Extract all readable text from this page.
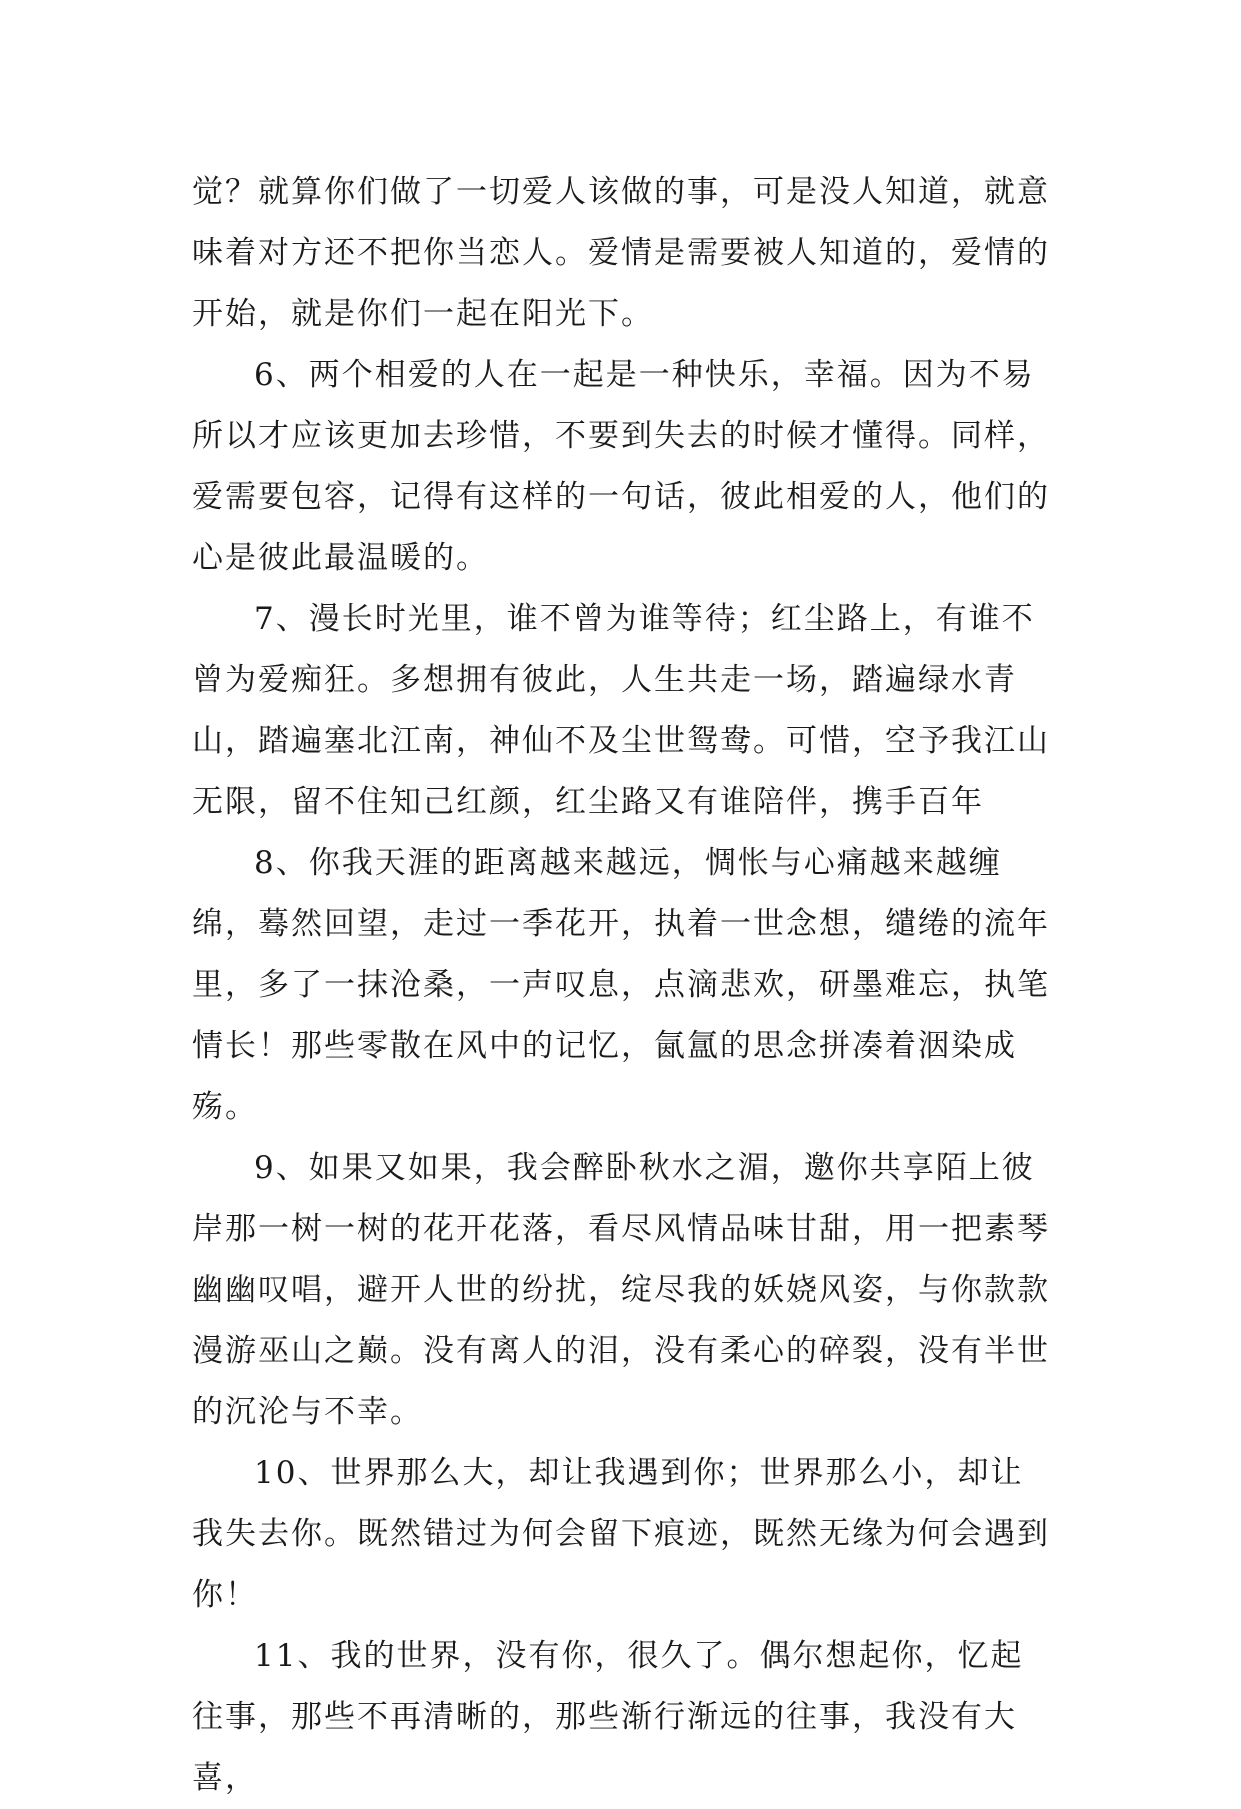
觉？就算你们做了一切爱人该做的事，可是没人知道，就意味着对方还不把你当恋人。爱情是需要被人知道的，爱情的开始，就是你们一起在阳光下。

6、两个相爱的人在一起是一种快乐，幸福。因为不易所以才应该更加去珍惜，不要到失去的时候才懂得。同样，爱需要包容，记得有这样的一句话，彼此相爱的人，他们的心是彼此最温暖的。

7、漫长时光里，谁不曾为谁等待；红尘路上，有谁不曾为爱痴狂。多想拥有彼此，人生共走一场，踏遍绿水青山，踏遍塞北江南，神仙不及尘世鸳鸯。可惜，空予我江山无限，留不住知己红颜，红尘路又有谁陪伴，携手百年

8、你我天涯的距离越来越远，惆怅与心痛越来越缠绵，蓦然回望，走过一季花开，执着一世念想，缱绻的流年里，多了一抹沧桑，一声叹息，点滴悲欢，研墨难忘，执笔情长！那些零散在风中的记忆，氤氲的思念拼凑着洇染成殇。

9、如果又如果，我会醉卧秋水之湄，邀你共享陌上彼岸那一树一树的花开花落，看尽风情品味甘甜，用一把素琴幽幽叹唱，避开人世的纷扰，绽尽我的妖娆风姿，与你款款漫游巫山之巅。没有离人的泪，没有柔心的碎裂，没有半世的沉沦与不幸。

10、世界那么大，却让我遇到你；世界那么小，却让我失去你。既然错过为何会留下痕迹，既然无缘为何会遇到你！

11、我的世界，没有你，很久了。偶尔想起你，忆起往事，那些不再清晰的，那些渐行渐远的往事，我没有大喜，
